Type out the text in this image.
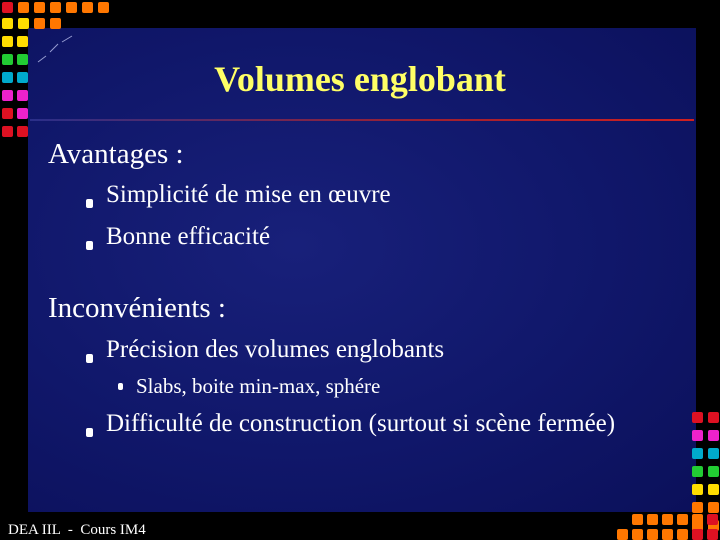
Volumes englobant
Avantages :
Simplicité de mise en œuvre
Bonne efficacité
Inconvénients :
Précision des volumes englobants
Slabs, boite min-max, sphére
Difficulté de construction (surtout si scène fermée)
DEA IIL  -  Cours IM4
